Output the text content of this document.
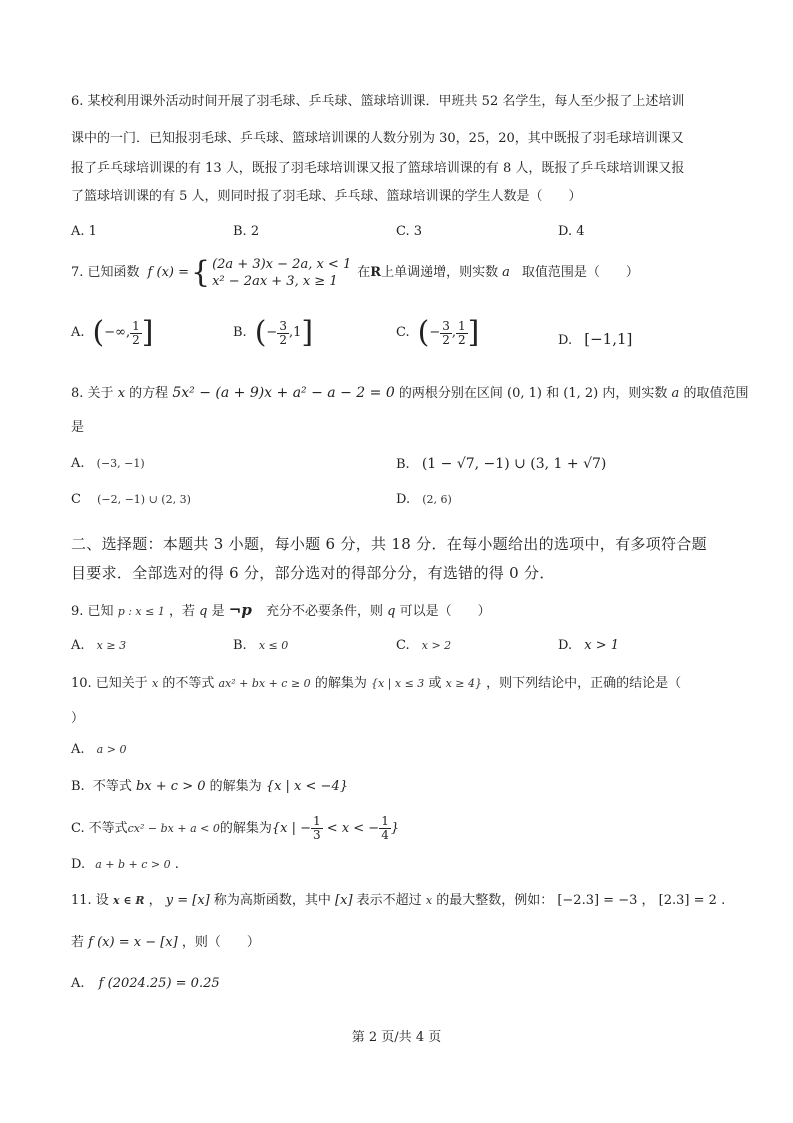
6. 某校利用课外活动时间开展了羽毛球、乒乓球、篮球培训课．甲班共 52 名学生，每人至少报了上述培训
课中的一门．已知报羽毛球、乒乓球、篮球培训课的人数分别为 30，25，20，其中既报了羽毛球培训课又
报了乒乓球培训课的有 13 人，既报了羽毛球培训课又报了篮球培训课的有 8 人，既报了乒乓球培训课又报
了篮球培训课的有 5 人，则同时报了羽毛球、乒乓球、篮球培训课的学生人数是（　　）
A. 1	B. 2	C. 3	D. 4
7. 已知函数 f (x) = { (2a + 3)x − 2a, x < 1
x² − 2ax + 3, x ≥ 1
在 R 上单调递增，则实数 a 取值范围是（　　）
A. ( −∞, $\frac{1}{2}$ ]	B. ( − $\frac{3}{2} ,1$ ]	C. ( − $\frac{3}{2}$ , $\frac{1}{2}$ ]	D. [−1,1]
8. 关于 x 的方程 5x² − (a + 9)x + a² − a − 2 = 0 的两根分别在区间 (0, 1) 和 (1, 2) 内，则实数 a 的取值范围
是
A. (−3, −1)	B. (1 − √7, −1) ∪ (3, 1 + √7)
C (−2, −1) ∪ (2, 3)	D. (2, 6)
二、选择题：本题共 3 小题，每小题 6 分，共 18 分．在每小题给出的选项中，有多项符合题
目要求．全部选对的得 6 分，部分选对的得部分分，有选错的得 0 分．
9. 已知 p : x ≤ 1 ，若 q 是 ¬p 充分不必要条件，则 q 可以是（　　）
A. x ≥ 3	B. x ≤ 0	C. x > 2	D. x > 1
10. 已知关于 x 的不等式 ax² + bx + c ≥ 0 的解集为 {x | x ≤ 3 或 x ≥ 4} ，则下列结论中，正确的结论是（
）
A. a > 0
B. 不等式 bx + c > 0 的解集为 {x | x < −4}
C. 不等式 cx² − bx + a < 0 的解集为 {x | − $\frac{1}{3} < x$ < − $\frac{1}{4}$ }
D. a + b + c > 0 .
11. 设 x ∈ R ， y = [x] 称为高斯函数，其中 [x] 表示不超过 x 的最大整数，例如： [−2.3] = −3 ， [2.3] = 2 .
若 f (x) = x − [x] ，则（　　）
A. f (2024.25) = 0.25
第 2 页/共 4 页
